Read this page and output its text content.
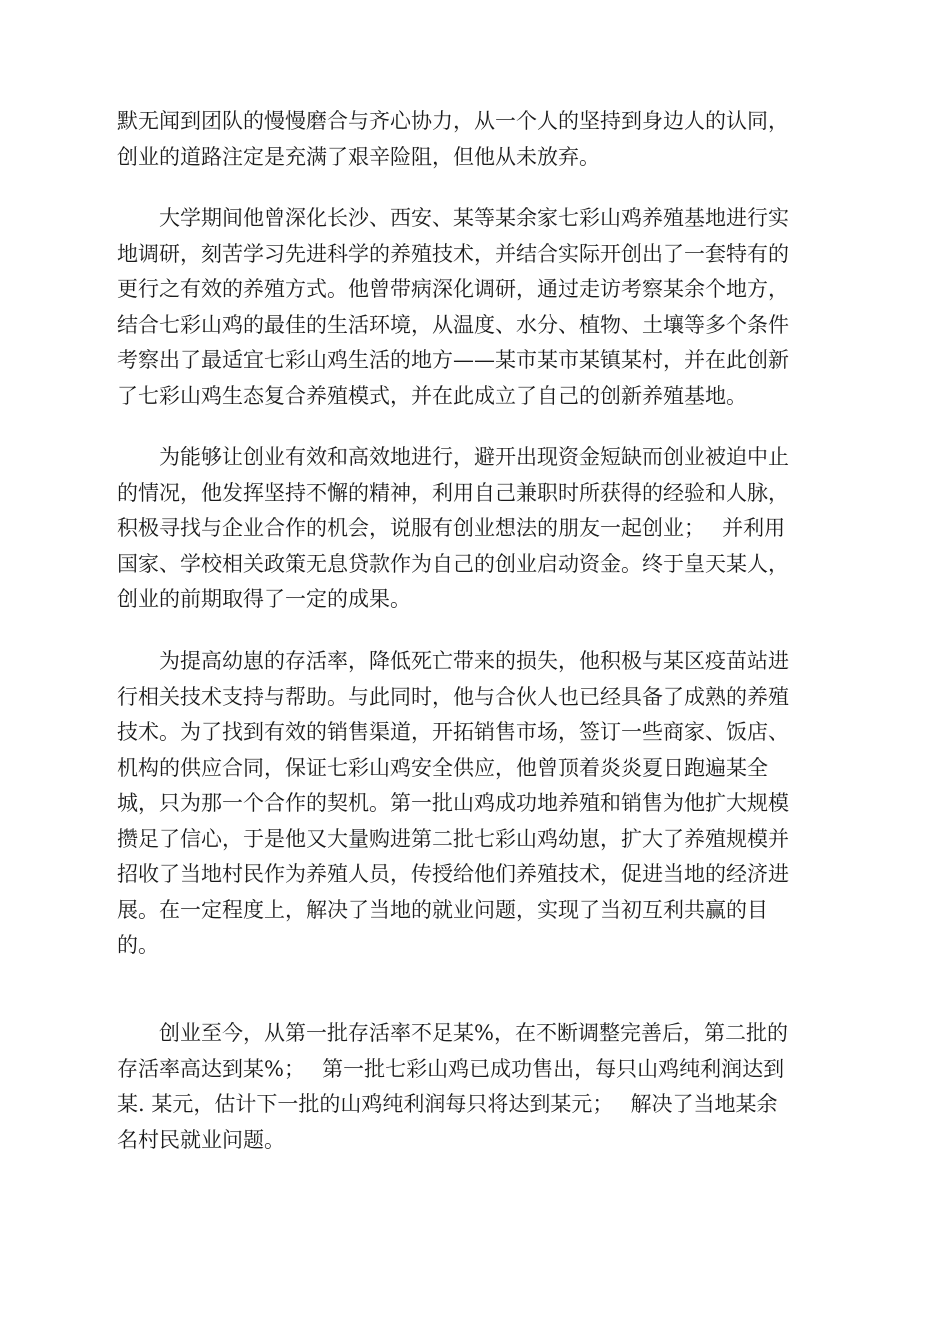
默无闻到团队的慢慢磨合与齐心协力，从一个人的坚持到身边人的认同，
创业的道路注定是充满了艰辛险阻，但他从未放弃。
大学期间他曾深化长沙、西安、某等某余家七彩山鸡养殖基地进行实
地调研，刻苦学习先进科学的养殖技术，并结合实际开创出了一套特有的
更行之有效的养殖方式。他曾带病深化调研，通过走访考察某余个地方，
结合七彩山鸡的最佳的生活环境，从温度、水分、植物、土壤等多个条件
考察出了最适宜七彩山鸡生活的地方——某市某市某镇某村，并在此创新
了七彩山鸡生态复合养殖模式，并在此成立了自己的创新养殖基地。
为能够让创业有效和高效地进行，避开出现资金短缺而创业被迫中止
的情况，他发挥坚持不懈的精神，利用自己兼职时所获得的经验和人脉，
积极寻找与企业合作的机会，说服有创业想法的朋友一起创业；　 并利用
国家、学校相关政策无息贷款作为自己的创业启动资金。终于皇天某人，
创业的前期取得了一定的成果。
为提高幼崽的存活率，降低死亡带来的损失，他积极与某区疫苗站进
行相关技术支持与帮助。与此同时，他与合伙人也已经具备了成熟的养殖
技术。为了找到有效的销售渠道，开拓销售市场，签订一些商家、饭店、
机构的供应合同，保证七彩山鸡安全供应，他曾顶着炎炎夏日跑遍某全
城，只为那一个合作的契机。第一批山鸡成功地养殖和销售为他扩大规模
攒足了信心，于是他又大量购进第二批七彩山鸡幼崽，扩大了养殖规模并
招收了当地村民作为养殖人员，传授给他们养殖技术，促进当地的经济进
展。在一定程度上，解决了当地的就业问题，实现了当初互利共赢的目
的。
创业至今，从第一批存活率不足某%，在不断调整完善后，第二批的
存活率高达到某%；　 第一批七彩山鸡已成功售出，每只山鸡纯利润达到
某. 某元，估计下一批的山鸡纯利润每只将达到某元；　 解决了当地某余
名村民就业问题。
